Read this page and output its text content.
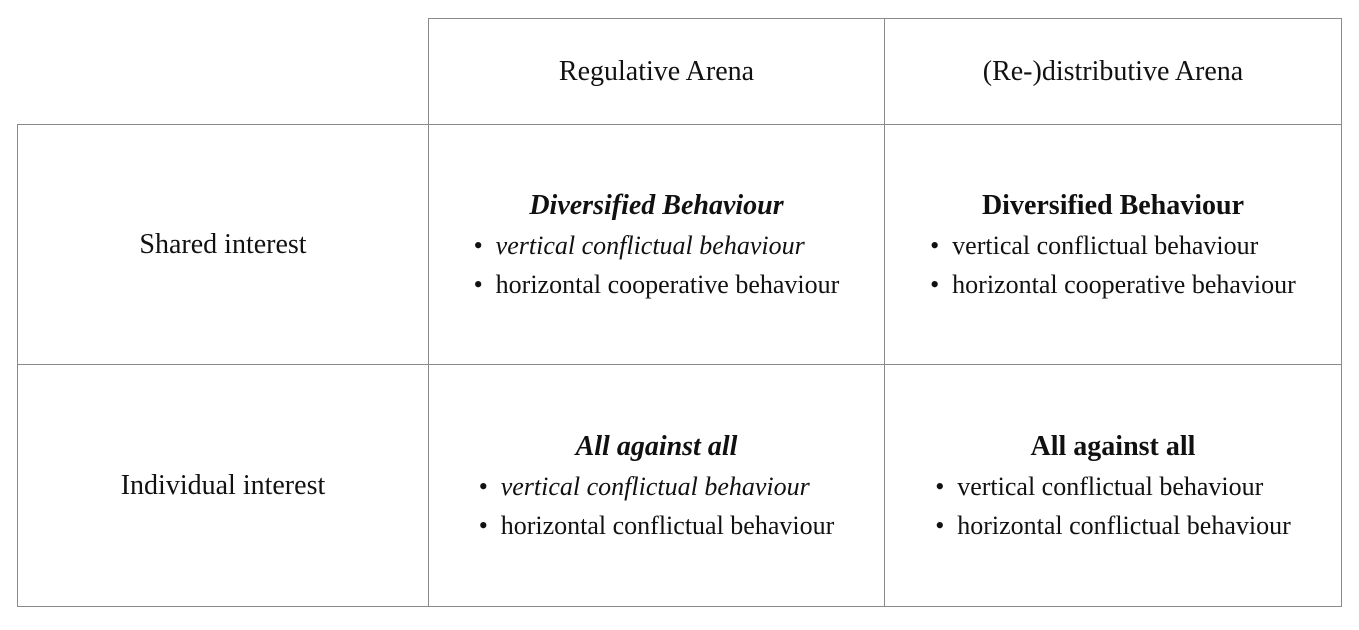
Regulative Arena	(Re-)distributive Arena
Shared interest
Diversified Behaviour
• vertical conflictual behaviour
• horizontal cooperative behaviour
Diversified Behaviour
• vertical conflictual behaviour
• horizontal cooperative behaviour
Individual interest
All against all
• vertical conflictual behaviour
• horizontal conflictual behaviour
All against all
• vertical conflictual behaviour
• horizontal conflictual behaviour
